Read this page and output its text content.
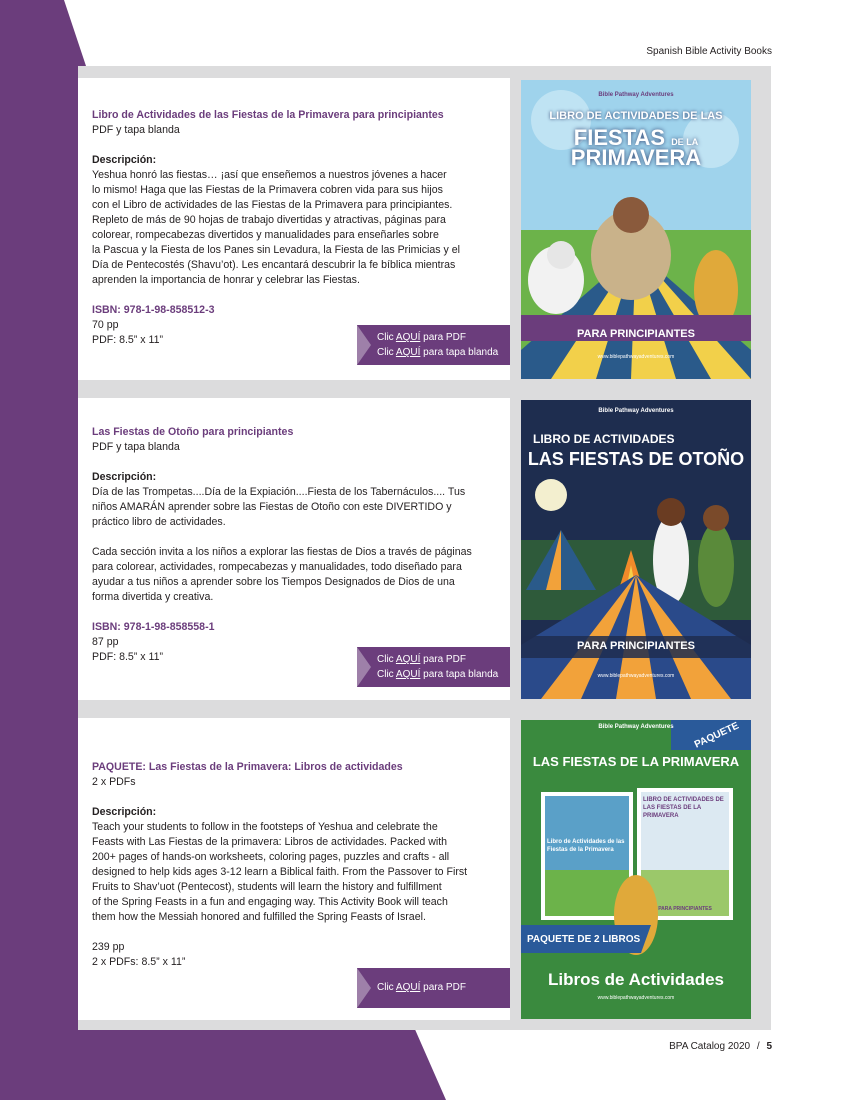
Spanish Bible Activity Books
Libro de Actividades de las Fiestas de la Primavera para principiantes
PDF y tapa blanda
Descripción:
Yeshua honró las fiestas… ¡así que enseñemos a nuestros jóvenes a hacer
lo mismo! Haga que las Fiestas de la Primavera cobren vida para sus hijos
con el Libro de actividades de las Fiestas de la Primavera para principiantes.
Repleto de más de 90 hojas de trabajo divertidas y atractivas, páginas para
colorear, rompecabezas divertidos y manualidades para enseñarles sobre
la Pascua y la Fiesta de los Panes sin Levadura, la Fiesta de las Primicias y el
Día de Pentecostés (Shavu’ot). Les encantará descubrir la fe bíblica mientras
aprenden la importancia de honrar y celebrar las Fiestas.
ISBN: 978-1-98-858512-3
70 pp
PDF: 8.5” x 11”	Clic AQUÍ para PDF
Clic AQUÍ para tapa blanda
Bible Pathway Adventures
LIBRO DE ACTIVIDADES DE LAS
FIESTAS DE LA
PRIMAVERA
PARA PRINCIPIANTES
www.biblepathwayadventures.com
Las Fiestas de Otoño para principiantes
PDF y tapa blanda
Descripción:
Día de las Trompetas....Día de la Expiación....Fiesta de los Tabernáculos.... Tus
niños AMARÁN aprender sobre las Fiestas de Otoño con este DIVERTIDO y
práctico libro de actividades.
Cada sección invita a los niños a explorar las fiestas de Dios a través de páginas
para colorear, actividades, rompecabezas y manualidades, todo diseñado para
ayudar a tus niños a aprender sobre los Tiempos Designados de Dios de una
forma divertida y creativa.
ISBN: 978-1-98-858558-1
87 pp
PDF: 8.5” x 11”	Clic AQUÍ para PDF
Clic AQUÍ para tapa blanda
Bible Pathway Adventures
LIBRO DE ACTIVIDADES
LAS FIESTAS DE OTOÑO
PARA PRINCIPIANTES
www.biblepathwayadventures.com
PAQUETE: Las Fiestas de la Primavera: Libros de actividades
2 x PDFs
Descripción:
Teach your students to follow in the footsteps of Yeshua and celebrate the
Feasts with Las Fiestas de la primavera: Libros de actividades. Packed with
200+ pages of hands-on worksheets, coloring pages, puzzles and crafts - all
designed to help kids ages 3-12 learn a Biblical faith. From the Passover to First
Fruits to Shav’uot (Pentecost), students will learn the history and fulfillment
of the Spring Feasts in a fun and engaging way. This Activity Book will teach
them how the Messiah honored and fulfilled the Spring Feasts of Israel.
239 pp
2 x PDFs: 8.5” x 11”
Clic AQUÍ para PDF
Bible Pathway Adventures	PAQUETE
LAS FIESTAS DE LA PRIMAVERA
Libro de Actividades de las Fiestas de la Primavera
LIBRO DE ACTIVIDADES DE LAS FIESTAS DE LA PRIMAVERA
PARA PRINCIPIANTES
PAQUETE DE 2 LIBROS
Libros de Actividades
www.biblepathwayadventures.com
BPA Catalog 2020 / 5
